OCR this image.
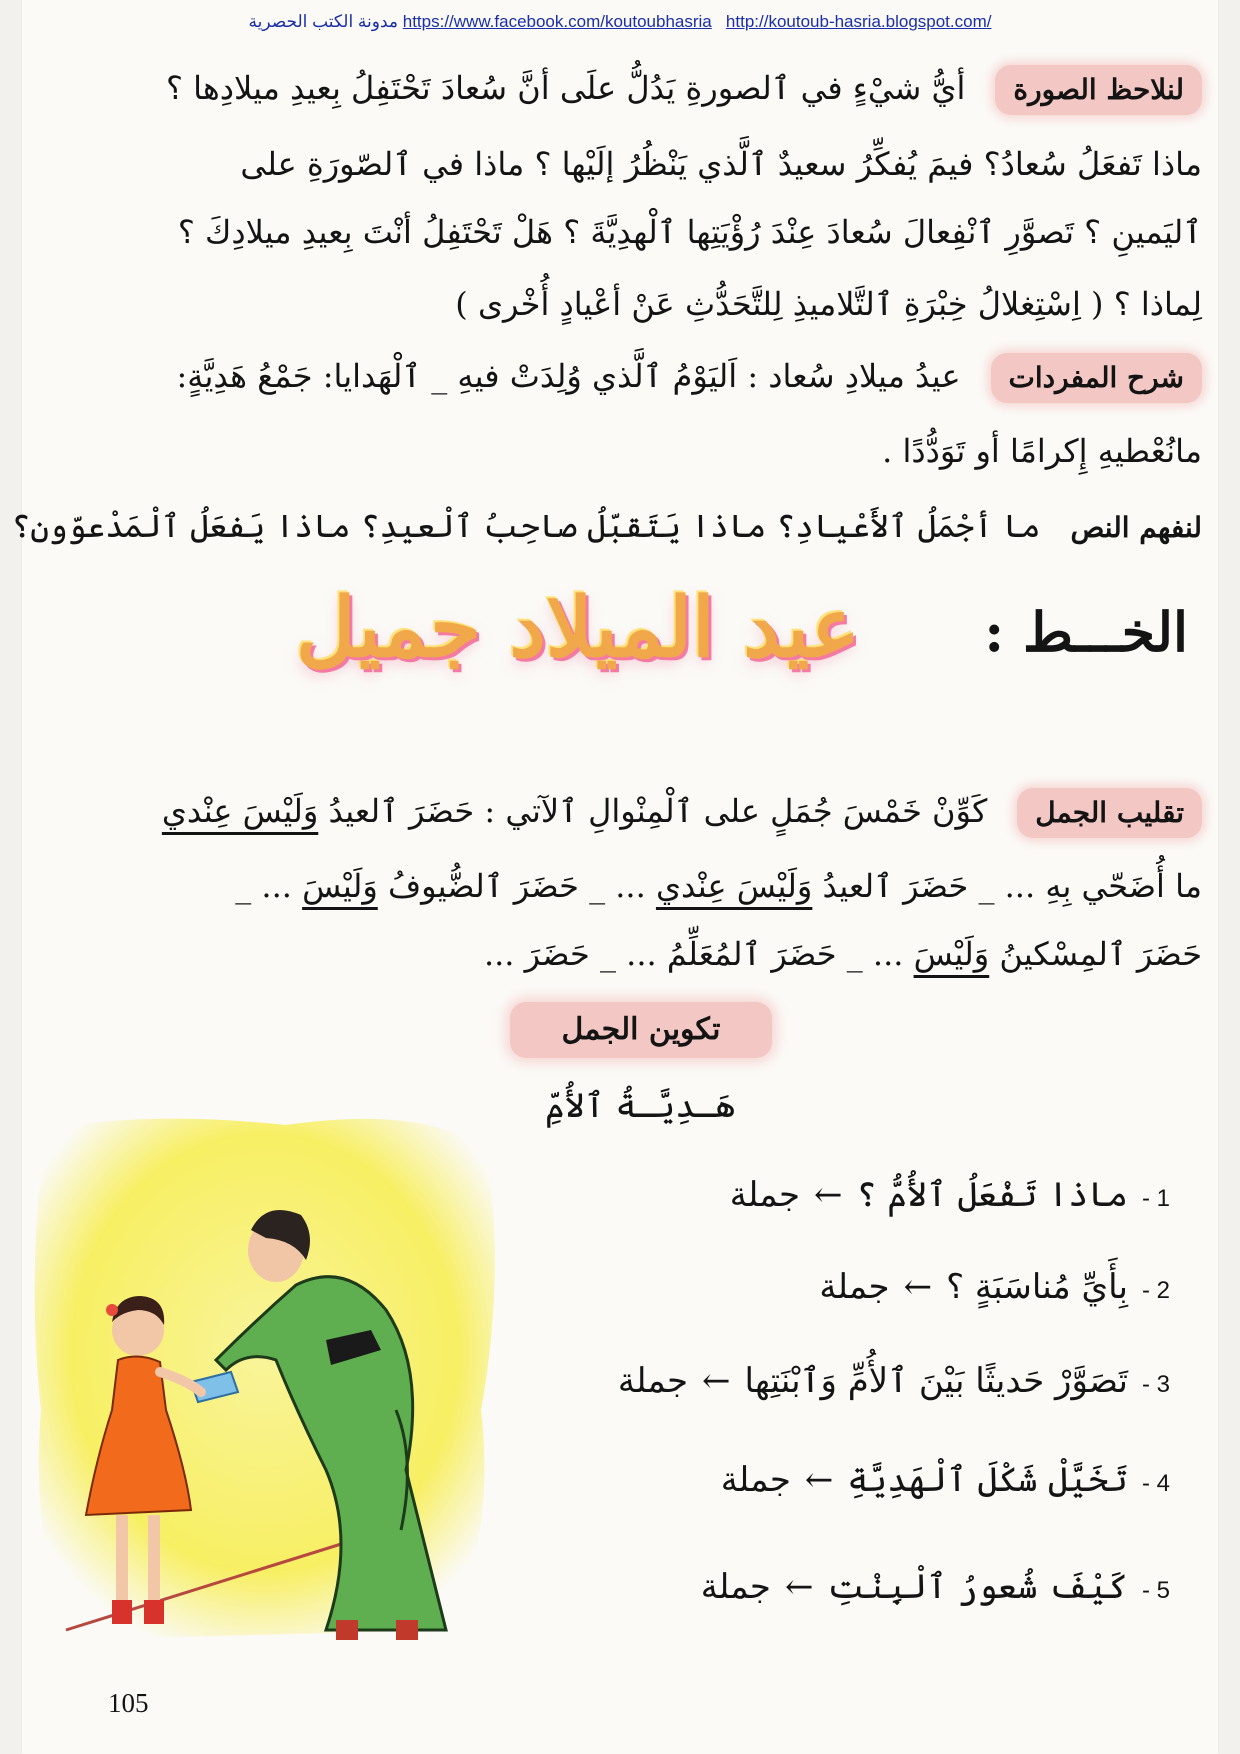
مدونة الكتب الحصرية https://www.facebook.com/koutoubhasria http://koutoub-hasria.blogspot.com/
لنلاحظ الصورةأيُّ شيْءٍ في ٱلصورةِ يَدُلُّ علَى أنَّ سُعادَ تَحْتَفِلُ بِعيدِ ميلادِها ؟
ماذا تَفعَلُ سُعادُ؟ فيمَ يُفكِّرُ سعيدٌ ٱلَّذي يَنْظُرُ إلَيْها ؟ ماذا في ٱلصّورَةِ على
ٱليَمينِ ؟ تَصوَّرِ ٱنْفِعالَ سُعادَ عِنْدَ رُؤْيَتِها ٱلْهدِيَّةَ ؟ هَلْ تَحْتَفِلُ أنْتَ بِعيدِ ميلادِكَ ؟
لِماذا ؟ ( اِسْتِغلالُ خِبْرَةِ ٱلتَّلاميذِ لِلتَّحَدُّثِ عَنْ أعْيادٍ أُخْرى )
شرح المفرداتعيدُ ميلادِ سُعاد : اَليَوْمُ ٱلَّذي وُلِدَتْ فيهِ _ ٱلْهَدايا: جَمْعُ هَدِيَّةٍ:
مانُعْطيهِ إِكرامًا أو تَوَدُّدًا .
لنفهم النصما أجْمَلُ ٱلأَعْيادِ؟ ماذا يَتَقبّلُ صاحِبُ ٱلْعيدِ؟ ماذا يَفعَلُ ٱلْمَدْعوّون؟
الخـــط :
عيد الميلاد جميل
تقليب الجملكَوِّنْ خَمْسَ جُمَلٍ على ٱلْمِنْوالِ ٱلآتي : حَضَرَ ٱلعيدُ وَلَيْسَ عِنْدي
ما أُضَحّي بِهِ ... _ حَضَرَ ٱلعيدُ وَلَيْسَ عِنْدي ... _ حَضَرَ ٱلضُّيوفُ وَلَيْسَ ... _
حَضَرَ ٱلمِسْكينُ وَلَيْسَ ... _ حَضَرَ ٱلمُعَلِّمُ ... _ حَضَرَ ...
تكوين الجمل
هَـدِيَّـةُ ٱلأُمِّ
1 -ماذا تَفْعَلُ ٱلأُمُّ ؟←جملة
2 -بِأَيِّ مُناسَبَةٍ ؟←جملة
3 -تَصَوَّرْ حَديثًا بَيْنَ ٱلأُمِّ وَٱبْنَتِها←جملة
4 -تَخَيَّلْ شَكْلَ ٱلْهَدِيَّةِ←جملة
5 -كَيْفَ شُعورُ ٱلْبِنْتِ←جملة
105
